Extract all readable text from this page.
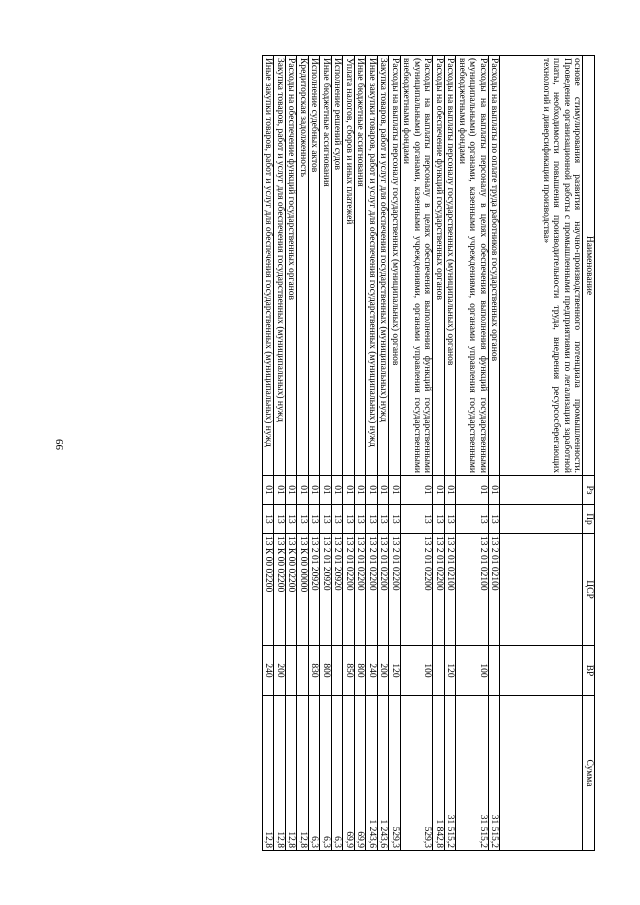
99
Наименование	Рз	Пр	ЦСР	ВР	Сумма
основе стимулирования развития научно-производственного потенциала промышленности. Проведение организационной работы с промышленными предприятиями по легализации заработной платы, необходимости повышения производительности труда, внедрения ресурсосберегающих технологий и диверсификации производства»					
Расходы на выплаты по оплате труда работников государственных органов	01	13	13 2 01 02100		31 515,2
Расходы на выплаты персоналу в целях обеспечения выполнения функций государственными (муниципальными) органами, казенными учреждениями, органами управления государственными внебюджетными фондами	01	13	13 2 01 02100	100	31 515,2
Расходы на выплаты персоналу государственных (муниципальных) органов	01	13	13 2 01 02100	120	31 515,2
Расходы на обеспечение функций государственных органов	01	13	13 2 01 02200		1 842,8
Расходы на выплаты персоналу в целях обеспечения выполнения функций государственными (муниципальными) органами, казенными учреждениями, органами управления государственными внебюджетными фондами	01	13	13 2 01 02200	100	529,3
Расходы на выплаты персоналу государственных (муниципальных) органов	01	13	13 2 01 02200	120	529,3
Закупка товаров, работ и услуг для обеспечения государственных (муниципальных) нужд	01	13	13 2 01 02200	200	1 243,6
Иные закупки товаров, работ и услуг для обеспечения государственных (муниципальных) нужд	01	13	13 2 01 02200	240	1 243,6
Иные бюджетные ассигнования	01	13	13 2 01 02200	800	69,9
Уплата налогов, сборов и иных платежей	01	13	13 2 01 02200	850	69,9
Исполнение решений судов	01	13	13 2 01 20920		6,3
Иные бюджетные ассигнования	01	13	13 2 01 20920	800	6,3
Исполнение судебных актов	01	13	13 2 01 20920	830	6,3
Кредиторская задолженность	01	13	13 К 00 00000		12,8
Расходы на обеспечение функций государственных органов	01	13	13 К 00 02200		12,8
Закупка товаров, работ и услуг для обеспечения государственных (муниципальных) нужд	01	13	13 К 00 02200	200	12,8
Иные закупки товаров, работ и услуг для обеспечения государственных (муниципальных) нужд	01	13	13 К 00 02200	240	12,8
